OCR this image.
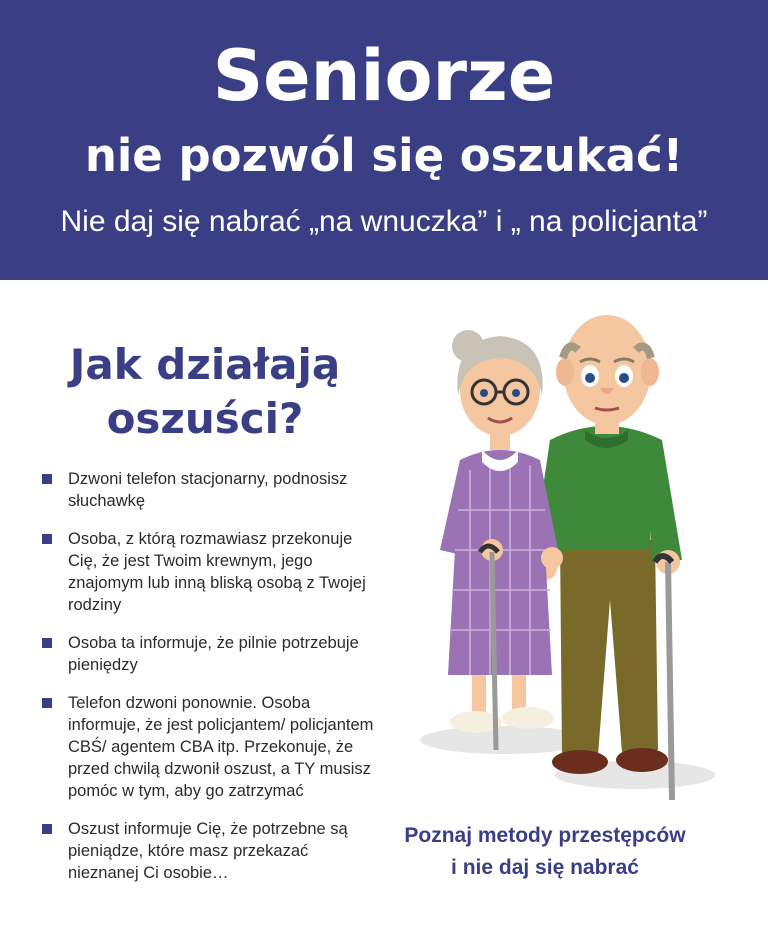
Seniorze
nie pozwól się oszukać!
Nie daj się nabrać „na wnuczka” i „ na policjanta”
Jak działają
oszuści?
Dzwoni telefon stacjonarny, podnosisz słuchawkę
Osoba, z którą rozmawiasz przekonuje Cię, że jest Twoim krewnym, jego znajomym lub inną bliską osobą z Twojej rodziny
Osoba ta informuje, że pilnie potrzebuje pieniędzy
Telefon dzwoni ponownie. Osoba informuje, że jest policjantem/ policjantem CBŚ/ agentem CBA itp. Przekonuje, że przed chwilą dzwonił oszust, a TY musisz pomóc w tym, aby go zatrzymać
Oszust informuje Cię, że potrzebne są pieniądze, które masz przekazać nieznanej Ci osobie…
Poznaj metody przestępców
i nie daj się nabrać
